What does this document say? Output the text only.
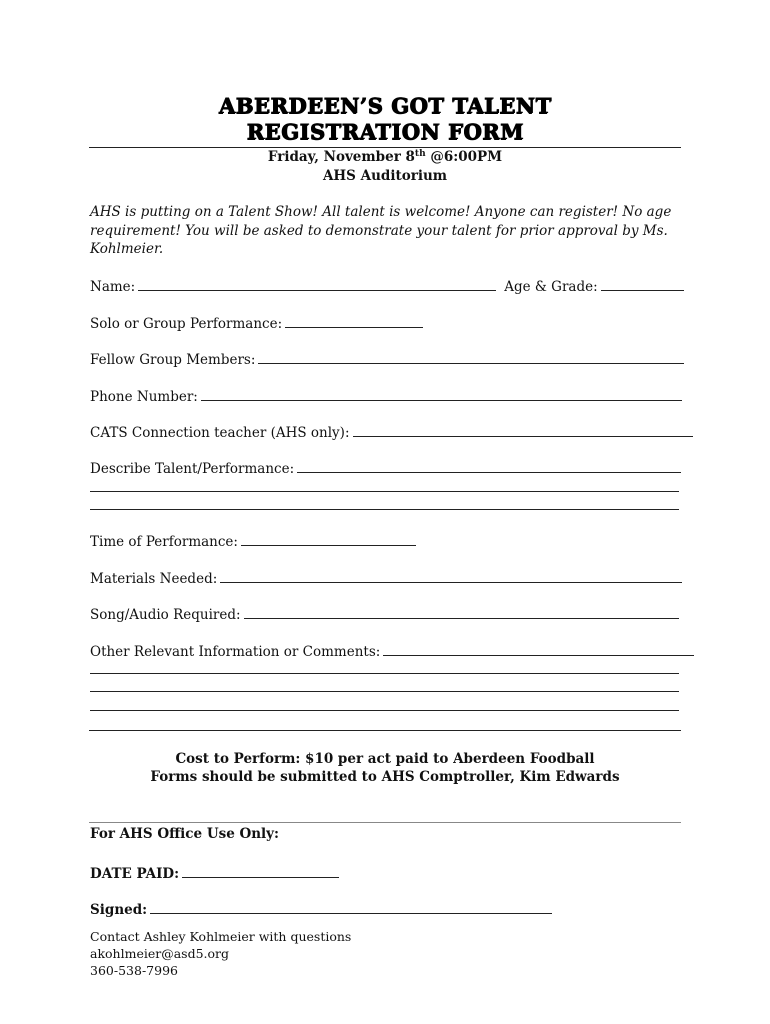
ABERDEEN’S GOT TALENT
REGISTRATION FORM
Friday, November 8th @6:00PM
AHS Auditorium
AHS is putting on a Talent Show! All talent is welcome! Anyone can register! No age requirement! You will be asked to demonstrate your talent for prior approval by Ms. Kohlmeier.
Name:	Age & Grade:
Solo or Group Performance:
Fellow Group Members:
Phone Number:
CATS Connection teacher (AHS only):
Describe Talent/Performance:
Time of Performance:
Materials Needed:
Song/Audio Required:
Other Relevant Information or Comments:
Cost to Perform: $10 per act paid to Aberdeen Foodball
Forms should be submitted to AHS Comptroller, Kim Edwards
For AHS Office Use Only:
DATE PAID:
Signed:
Contact Ashley Kohlmeier with questions
akohlmeier@asd5.org
360-538-7996
